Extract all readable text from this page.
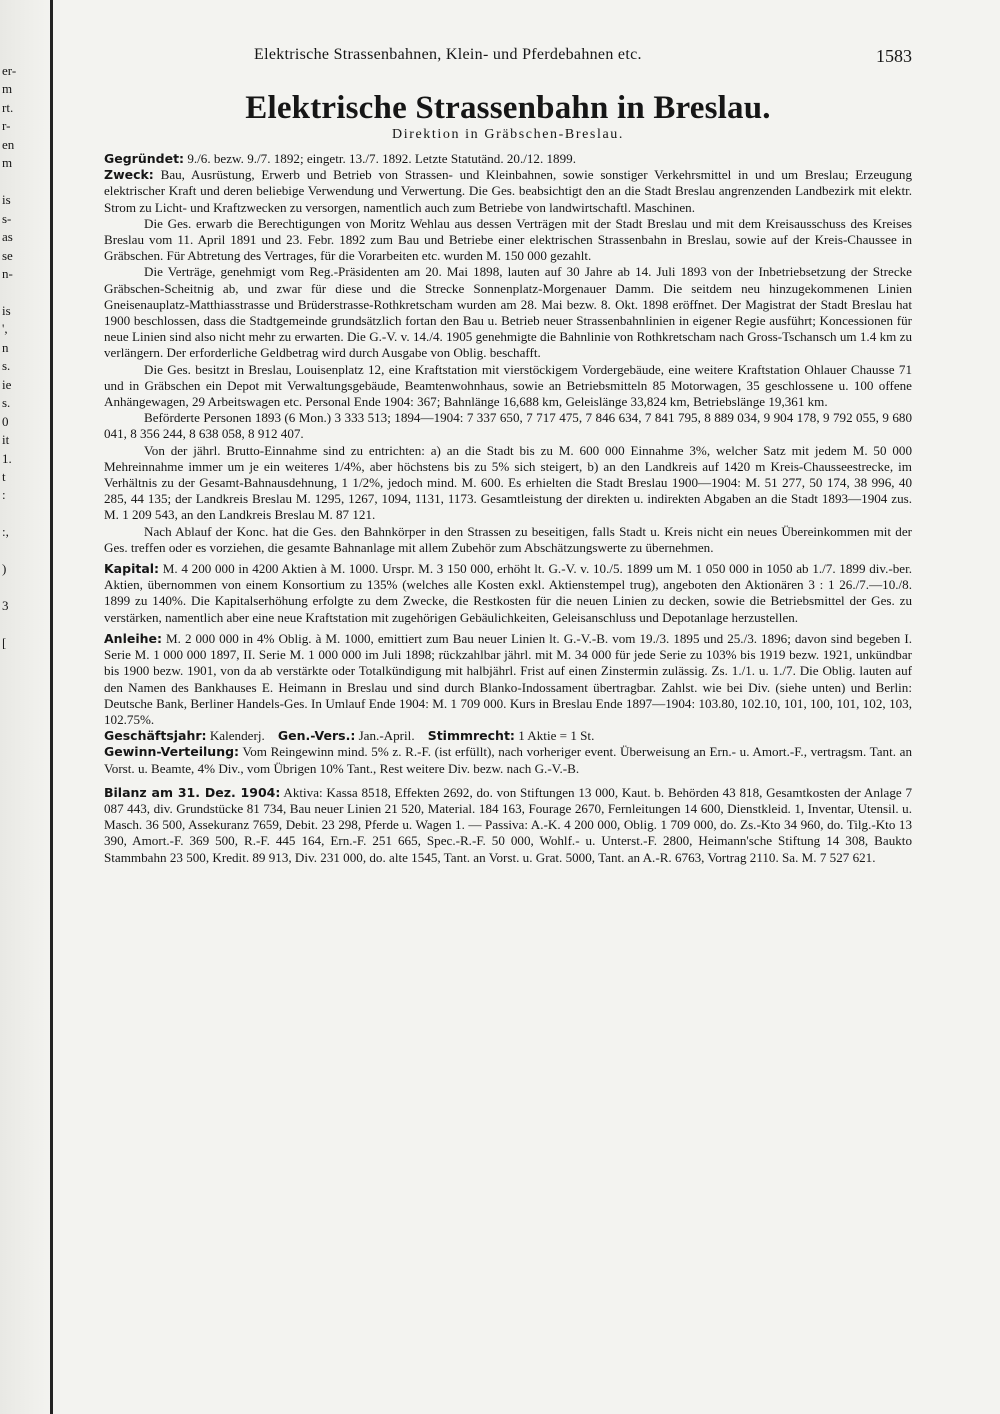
er-
m
rt.
r-
en
m

is
s-
as
se
n-

is
',
n
s.
ie
s.
0
it
1.
t
:

:,

)

3

[
Elektrische Strassenbahnen, Klein- und Pferdebahnen etc.	1583
Elektrische Strassenbahn in Breslau.
Direktion in Gräbschen-Breslau.

Gegründet: 9./6. bezw. 9./7. 1892; eingetr. 13./7. 1892. Letzte Statutänd. 20./12. 1899.

Zweck: Bau, Ausrüstung, Erwerb und Betrieb von Strassen- und Kleinbahnen, sowie sonstiger Verkehrsmittel in und um Breslau; Erzeugung elektrischer Kraft und deren beliebige Verwendung und Verwertung. Die Ges. beabsichtigt den an die Stadt Breslau angrenzenden Landbezirk mit elektr. Strom zu Licht- und Kraftzwecken zu versorgen, namentlich auch zum Betriebe von landwirtschaftl. Maschinen.

Die Ges. erwarb die Berechtigungen von Moritz Wehlau aus dessen Verträgen mit der Stadt Breslau und mit dem Kreisausschuss des Kreises Breslau vom 11. April 1891 und 23. Febr. 1892 zum Bau und Betriebe einer elektrischen Strassenbahn in Breslau, sowie auf der Kreis-Chaussee in Gräbschen. Für Abtretung des Vertrages, für die Vorarbeiten etc. wurden M. 150 000 gezahlt.

Die Verträge, genehmigt vom Reg.-Präsidenten am 20. Mai 1898, lauten auf 30 Jahre ab 14. Juli 1893 von der Inbetriebsetzung der Strecke Gräbschen-Scheitnig ab, und zwar für diese und die Strecke Sonnenplatz-Morgenauer Damm. Die seitdem neu hinzugekommenen Linien Gneisenauplatz-Matthiasstrasse und Brüderstrasse-Rothkretscham wurden am 28. Mai bezw. 8. Okt. 1898 eröffnet. Der Magistrat der Stadt Breslau hat 1900 beschlossen, dass die Stadtgemeinde grundsätzlich fortan den Bau u. Betrieb neuer Strassenbahnlinien in eigener Regie ausführt; Koncessionen für neue Linien sind also nicht mehr zu erwarten. Die G.-V. v. 14./4. 1905 genehmigte die Bahnlinie von Rothkretscham nach Gross-Tschansch um 1.4 km zu verlängern. Der erforderliche Geldbetrag wird durch Ausgabe von Oblig. beschafft.

Die Ges. besitzt in Breslau, Louisenplatz 12, eine Kraftstation mit vierstöckigem Vordergebäude, eine weitere Kraftstation Ohlauer Chausse 71 und in Gräbschen ein Depot mit Verwaltungsgebäude, Beamtenwohnhaus, sowie an Betriebsmitteln 85 Motorwagen, 35 geschlossene u. 100 offene Anhängewagen, 29 Arbeitswagen etc. Personal Ende 1904: 367; Bahnlänge 16,688 km, Geleislänge 33,824 km, Betriebslänge 19,361 km.

Beförderte Personen 1893 (6 Mon.) 3 333 513; 1894—1904: 7 337 650, 7 717 475, 7 846 634, 7 841 795, 8 889 034, 9 904 178, 9 792 055, 9 680 041, 8 356 244, 8 638 058, 8 912 407.

Von der jährl. Brutto-Einnahme sind zu entrichten: a) an die Stadt bis zu M. 600 000 Einnahme 3%, welcher Satz mit jedem M. 50 000 Mehreinnahme immer um je ein weiteres 1/4%, aber höchstens bis zu 5% sich steigert, b) an den Landkreis auf 1420 m Kreis-Chausseestrecke, im Verhältnis zu der Gesamt-Bahnausdehnung, 1 1/2%, jedoch mind. M. 600. Es erhielten die Stadt Breslau 1900—1904: M. 51 277, 50 174, 38 996, 40 285, 44 135; der Landkreis Breslau M. 1295, 1267, 1094, 1131, 1173. Gesamtleistung der direkten u. indirekten Abgaben an die Stadt 1893—1904 zus. M. 1 209 543, an den Landkreis Breslau M. 87 121.

Nach Ablauf der Konc. hat die Ges. den Bahnkörper in den Strassen zu beseitigen, falls Stadt u. Kreis nicht ein neues Übereinkommen mit der Ges. treffen oder es vorziehen, die gesamte Bahnanlage mit allem Zubehör zum Abschätzungswerte zu übernehmen.

Kapital: M. 4 200 000 in 4200 Aktien à M. 1000. Urspr. M. 3 150 000, erhöht lt. G.-V. v. 10./5. 1899 um M. 1 050 000 in 1050 ab 1./7. 1899 div.-ber. Aktien, übernommen von einem Konsortium zu 135% (welches alle Kosten exkl. Aktienstempel trug), angeboten den Aktionären 3 : 1 26./7.—10./8. 1899 zu 140%. Die Kapitalserhöhung erfolgte zu dem Zwecke, die Restkosten für die neuen Linien zu decken, sowie die Betriebsmittel der Ges. zu verstärken, namentlich aber eine neue Kraftstation mit zugehörigen Gebäulichkeiten, Geleisanschluss und Depotanlage herzustellen.

Anleihe: M. 2 000 000 in 4% Oblig. à M. 1000, emittiert zum Bau neuer Linien lt. G.-V.-B. vom 19./3. 1895 und 25./3. 1896; davon sind begeben I. Serie M. 1 000 000 1897, II. Serie M. 1 000 000 im Juli 1898; rückzahlbar jährl. mit M. 34 000 für jede Serie zu 103% bis 1919 bezw. 1921, unkündbar bis 1900 bezw. 1901, von da ab verstärkte oder Totalkündigung mit halbjährl. Frist auf einen Zinstermin zulässig. Zs. 1./1. u. 1./7. Die Oblig. lauten auf den Namen des Bankhauses E. Heimann in Breslau und sind durch Blanko-Indossament übertragbar. Zahlst. wie bei Div. (siehe unten) und Berlin: Deutsche Bank, Berliner Handels-Ges. In Umlauf Ende 1904: M. 1 709 000. Kurs in Breslau Ende 1897—1904: 103.80, 102.10, 101, 100, 101, 102, 103, 102.75%.

Geschäftsjahr: Kalenderj. Gen.-Vers.: Jan.-April. Stimmrecht: 1 Aktie = 1 St.

Gewinn-Verteilung: Vom Reingewinn mind. 5% z. R.-F. (ist erfüllt), nach vorheriger event. Überweisung an Ern.- u. Amort.-F., vertragsm. Tant. an Vorst. u. Beamte, 4% Div., vom Übrigen 10% Tant., Rest weitere Div. bezw. nach G.-V.-B.

Bilanz am 31. Dez. 1904: Aktiva: Kassa 8518, Effekten 2692, do. von Stiftungen 13 000, Kaut. b. Behörden 43 818, Gesamtkosten der Anlage 7 087 443, div. Grundstücke 81 734, Bau neuer Linien 21 520, Material. 184 163, Fourage 2670, Fernleitungen 14 600, Dienstkleid. 1, Inventar, Utensil. u. Masch. 36 500, Assekuranz 7659, Debit. 23 298, Pferde u. Wagen 1. — Passiva: A.-K. 4 200 000, Oblig. 1 709 000, do. Zs.-Kto 34 960, do. Tilg.-Kto 13 390, Amort.-F. 369 500, R.-F. 445 164, Ern.-F. 251 665, Spec.-R.-F. 50 000, Wohlf.- u. Unterst.-F. 2800, Heimann'sche Stiftung 14 308, Baukto Stammbahn 23 500, Kredit. 89 913, Div. 231 000, do. alte 1545, Tant. an Vorst. u. Grat. 5000, Tant. an A.-R. 6763, Vortrag 2110. Sa. M. 7 527 621.
